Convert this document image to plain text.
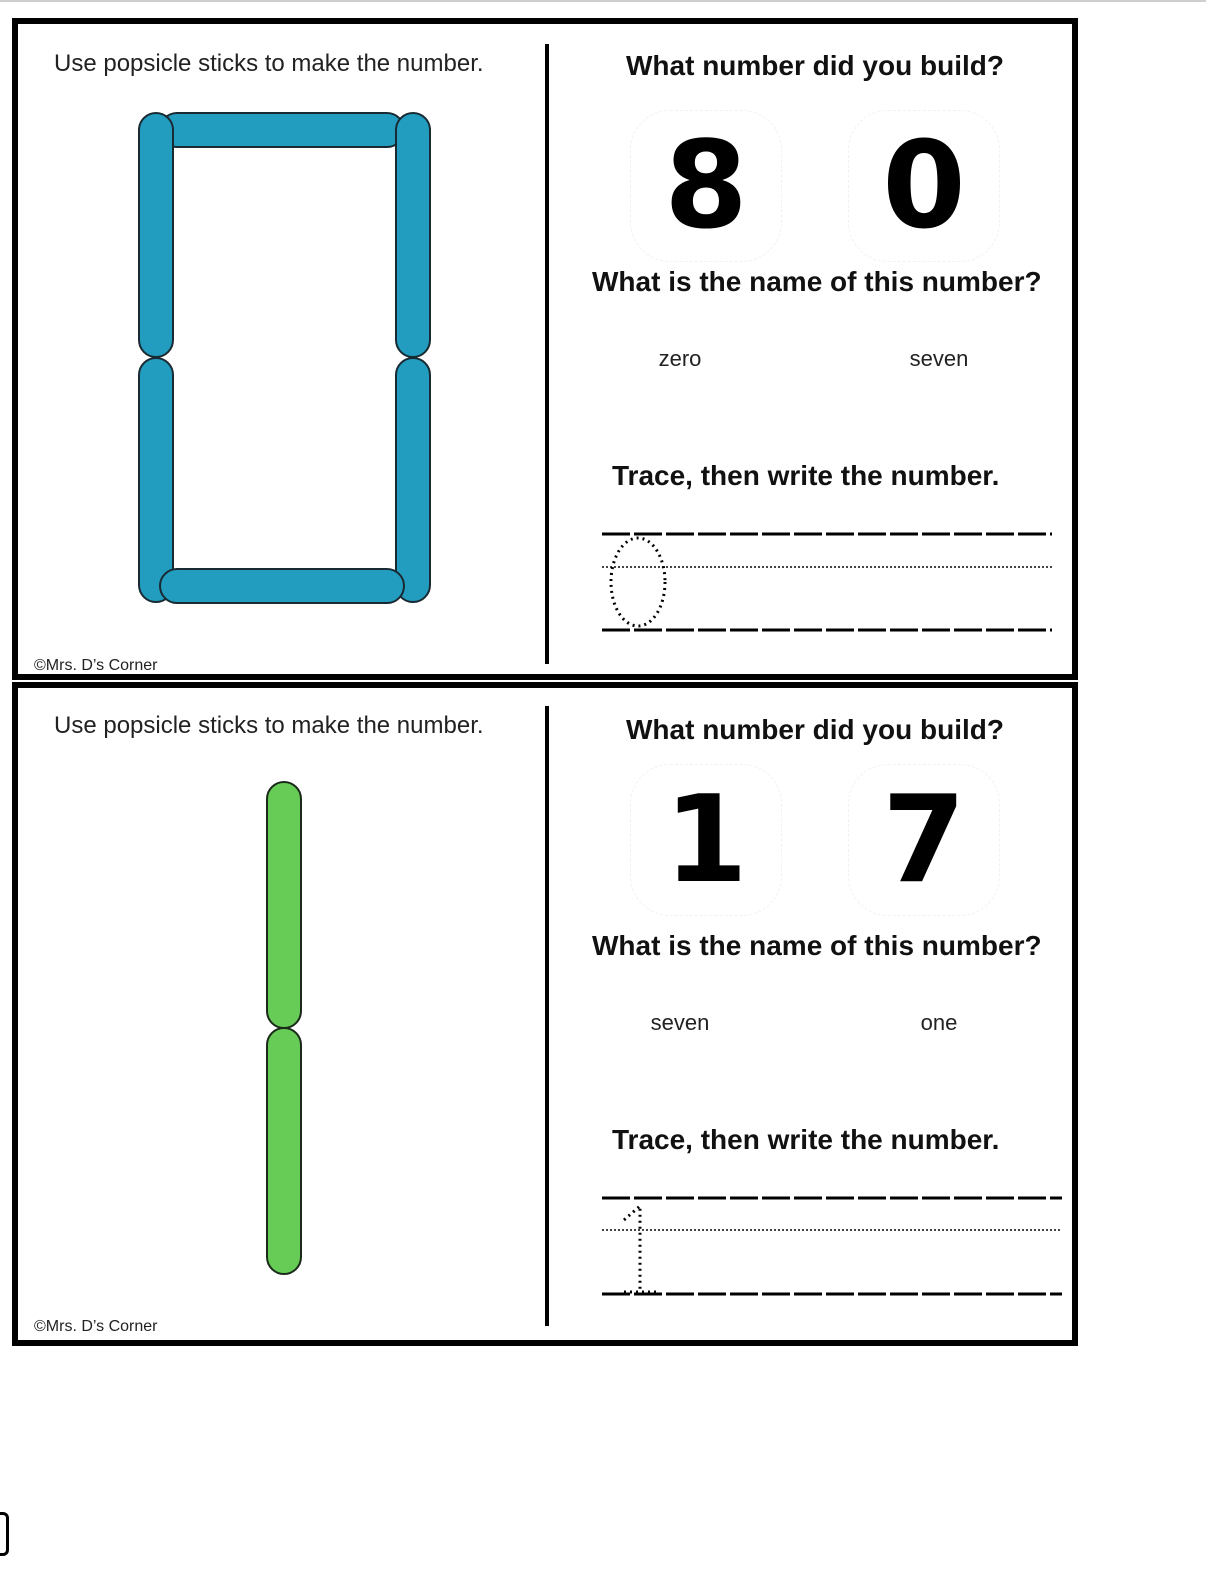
Use popsicle sticks to make the number.
©Mrs. D’s Corner
What number did you build?
8 0
What is the name of this number?
zero	seven
Trace, then write the number.
Use popsicle sticks to make the number.
©Mrs. D’s Corner
What number did you build?
1 7
What is the name of this number?
seven	one
Trace, then write the number.
